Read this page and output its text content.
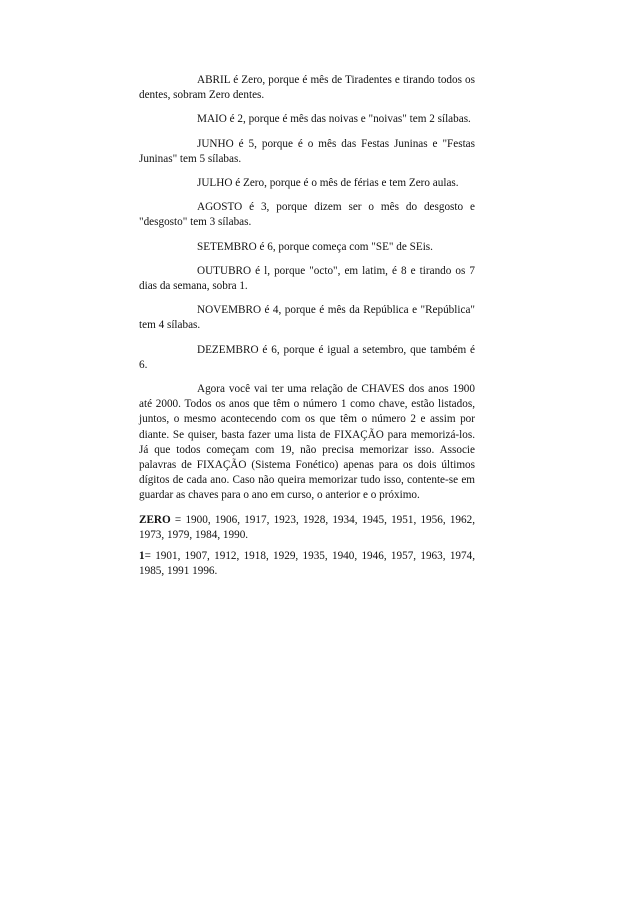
ABRIL é Zero, porque é mês de Tiradentes e tirando todos os dentes, sobram Zero dentes.

MAIO é 2, porque é mês das noivas e "noivas" tem 2 sílabas.

JUNHO é 5, porque é o mês das Festas Juninas e "Festas Juninas" tem 5 sílabas.

JULHO é Zero, porque é o mês de férias e tem Zero aulas.

AGOSTO é 3, porque dizem ser o mês do desgosto e "desgosto" tem 3 sílabas.

SETEMBRO é 6, porque começa com "SE" de SEis.

OUTUBRO é l, porque "octo", em latim, é 8 e tirando os 7 dias da semana, sobra 1.

NOVEMBRO é 4, porque é mês da República e "República" tem 4 sílabas.

DEZEMBRO é 6, porque é igual a setembro, que também é 6.

Agora você vai ter uma relação de CHAVES dos anos 1900 até 2000. Todos os anos que têm o número 1 como chave, estão listados, juntos, o mesmo acontecendo com os que têm o número 2 e assim por diante. Se quiser, basta fazer uma lista de FIXAÇÃO para memorizá-los. Já que todos começam com 19, não precisa memorizar isso. Associe palavras de FIXAÇÃO (Sistema Fonético) apenas para os dois últimos dígitos de cada ano. Caso não queira memorizar tudo isso, contente-se em guardar as chaves para o ano em curso, o anterior e o próximo.

ZERO = 1900, 1906, 1917, 1923, 1928, 1934, 1945, 1951, 1956, 1962, 1973, 1979, 1984, 1990.

1= 1901, 1907, 1912, 1918, 1929, 1935, 1940, 1946, 1957, 1963, 1974, 1985, 1991 1996.
